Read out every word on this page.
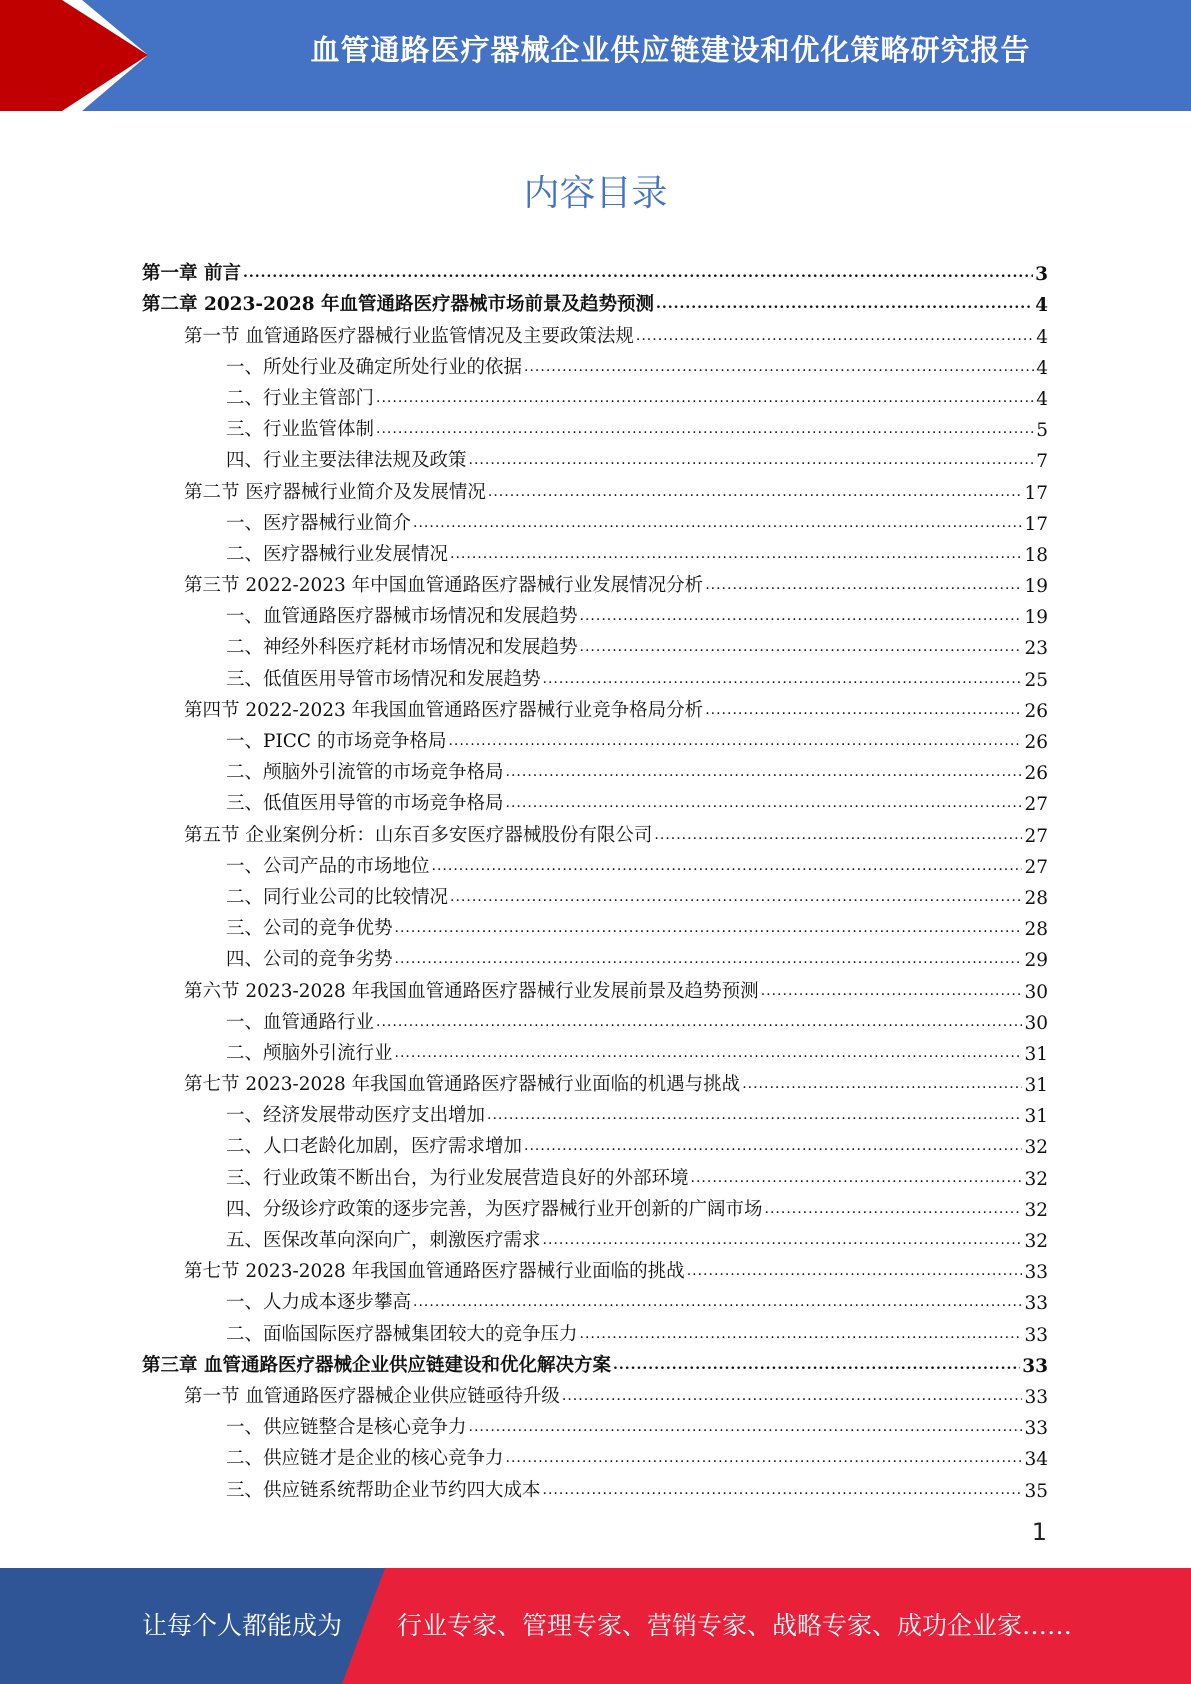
血管通路医疗器械企业供应链建设和优化策略研究报告
内容目录
第一章 前言 .....	3
第二章 2023-2028 年血管通路医疗器械市场前景及趋势预测 .....	4
第一节 血管通路医疗器械行业监管情况及主要政策法规 .....	4
一、所处行业及确定所处行业的依据 .....	4
二、行业主管部门 .....	4
三、行业监管体制 .....	5
四、行业主要法律法规及政策 .....	7
第二节 医疗器械行业简介及发展情况 .....	17
一、医疗器械行业简介 .....	17
二、医疗器械行业发展情况 .....	18
第三节 2022-2023 年中国血管通路医疗器械行业发展情况分析 .....	19
一、血管通路医疗器械市场情况和发展趋势 .....	19
二、神经外科医疗耗材市场情况和发展趋势 .....	23
三、低值医用导管市场情况和发展趋势 .....	25
第四节 2022-2023 年我国血管通路医疗器械行业竞争格局分析 .....	26
一、PICC 的市场竞争格局 .....	26
二、颅脑外引流管的市场竞争格局 .....	26
三、低值医用导管的市场竞争格局 .....	27
第五节 企业案例分析：山东百多安医疗器械股份有限公司 .....	27
一、公司产品的市场地位 .....	27
二、同行业公司的比较情况 .....	28
三、公司的竞争优势 .....	28
四、公司的竞争劣势 .....	29
第六节 2023-2028 年我国血管通路医疗器械行业发展前景及趋势预测 .....	30
一、血管通路行业 .....	30
二、颅脑外引流行业 .....	31
第七节 2023-2028 年我国血管通路医疗器械行业面临的机遇与挑战 .....	31
一、经济发展带动医疗支出增加 .....	31
二、人口老龄化加剧，医疗需求增加 .....	32
三、行业政策不断出台，为行业发展营造良好的外部环境 .....	32
四、分级诊疗政策的逐步完善，为医疗器械行业开创新的广阔市场 .....	32
五、医保改革向深向广，刺激医疗需求 .....	32
第七节 2023-2028 年我国血管通路医疗器械行业面临的挑战 .....	33
一、人力成本逐步攀高 .....	33
二、面临国际医疗器械集团较大的竞争压力 .....	33
第三章 血管通路医疗器械企业供应链建设和优化解决方案 .....	33
第一节 血管通路医疗器械企业供应链亟待升级 .....	33
一、供应链整合是核心竞争力 .....	33
二、供应链才是企业的核心竞争力 .....	34
三、供应链系统帮助企业节约四大成本 .....	35
1
让每个人都能成为 行业专家、管理专家、营销专家、战略专家、成功企业家……
